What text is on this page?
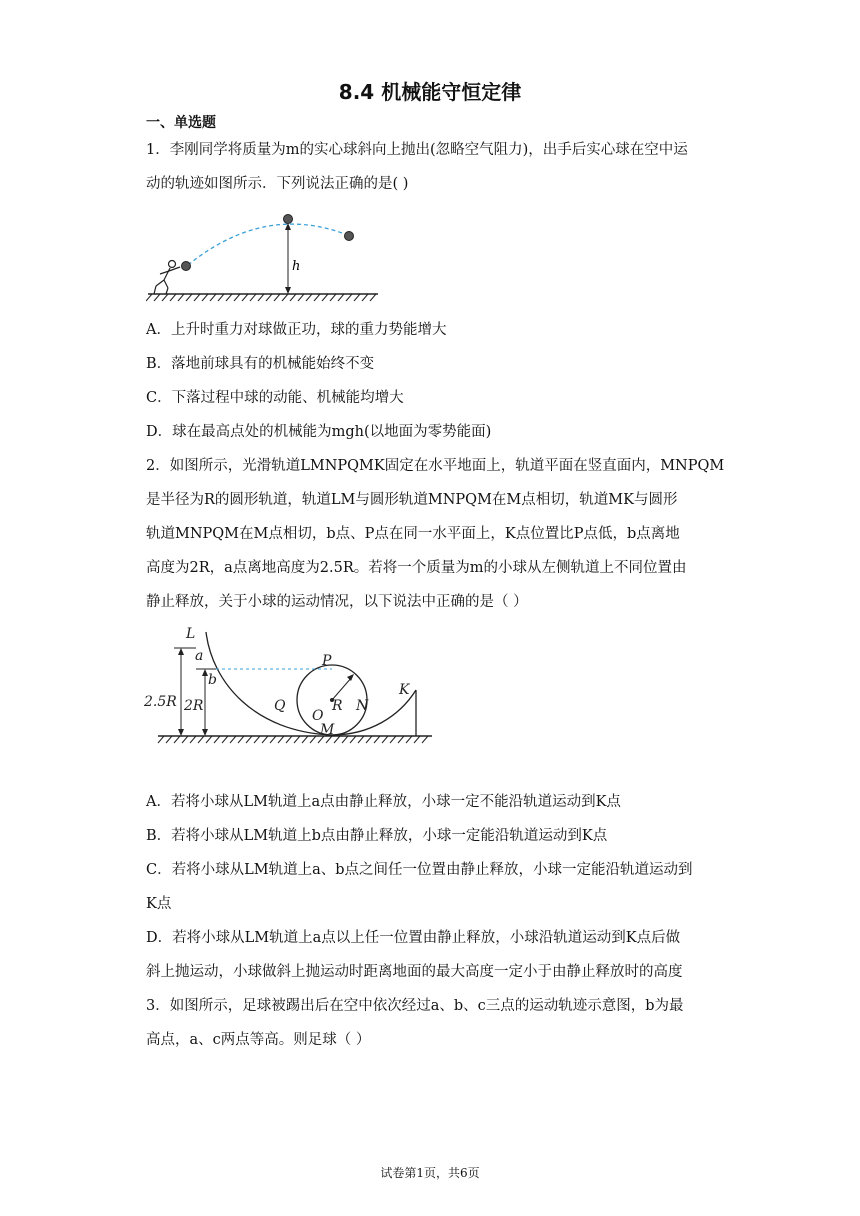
8.4 机械能守恒定律
一、单选题
1．李刚同学将质量为m的实心球斜向上抛出(忽略空气阻力)，出手后实心球在空中运
动的轨迹如图所示．下列说法正确的是( )
h
A．上升时重力对球做正功，球的重力势能增大
B．落地前球具有的机械能始终不变
C．下落过程中球的动能、机械能均增大
D．球在最高点处的机械能为mgh(以地面为零势能面)
2．如图所示，光滑轨道LMNPQMK固定在水平地面上，轨道平面在竖直面内，MNPQM
是半径为R的圆形轨道，轨道LM与圆形轨道MNPQM在M点相切，轨道MK与圆形
轨道MNPQM在M点相切，b点、P点在同一水平面上，K点位置比P点低，b点离地
高度为2R，a点离地高度为2.5R。若将一个质量为m的小球从左侧轨道上不同位置由
静止释放，关于小球的运动情况，以下说法中正确的是（ ）
L
a
b
P
K
Q
O
R N
M
2.5R 2R
A．若将小球从LM轨道上a点由静止释放，小球一定不能沿轨道运动到K点
B．若将小球从LM轨道上b点由静止释放，小球一定能沿轨道运动到K点
C．若将小球从LM轨道上a、b点之间任一位置由静止释放，小球一定能沿轨道运动到
K点
D．若将小球从LM轨道上a点以上任一位置由静止释放，小球沿轨道运动到K点后做
斜上抛运动，小球做斜上抛运动时距离地面的最大高度一定小于由静止释放时的高度
3．如图所示，足球被踢出后在空中依次经过a、b、c三点的运动轨迹示意图，b为最
高点，a、c两点等高。则足球（ ）
试卷第1页，共6页
